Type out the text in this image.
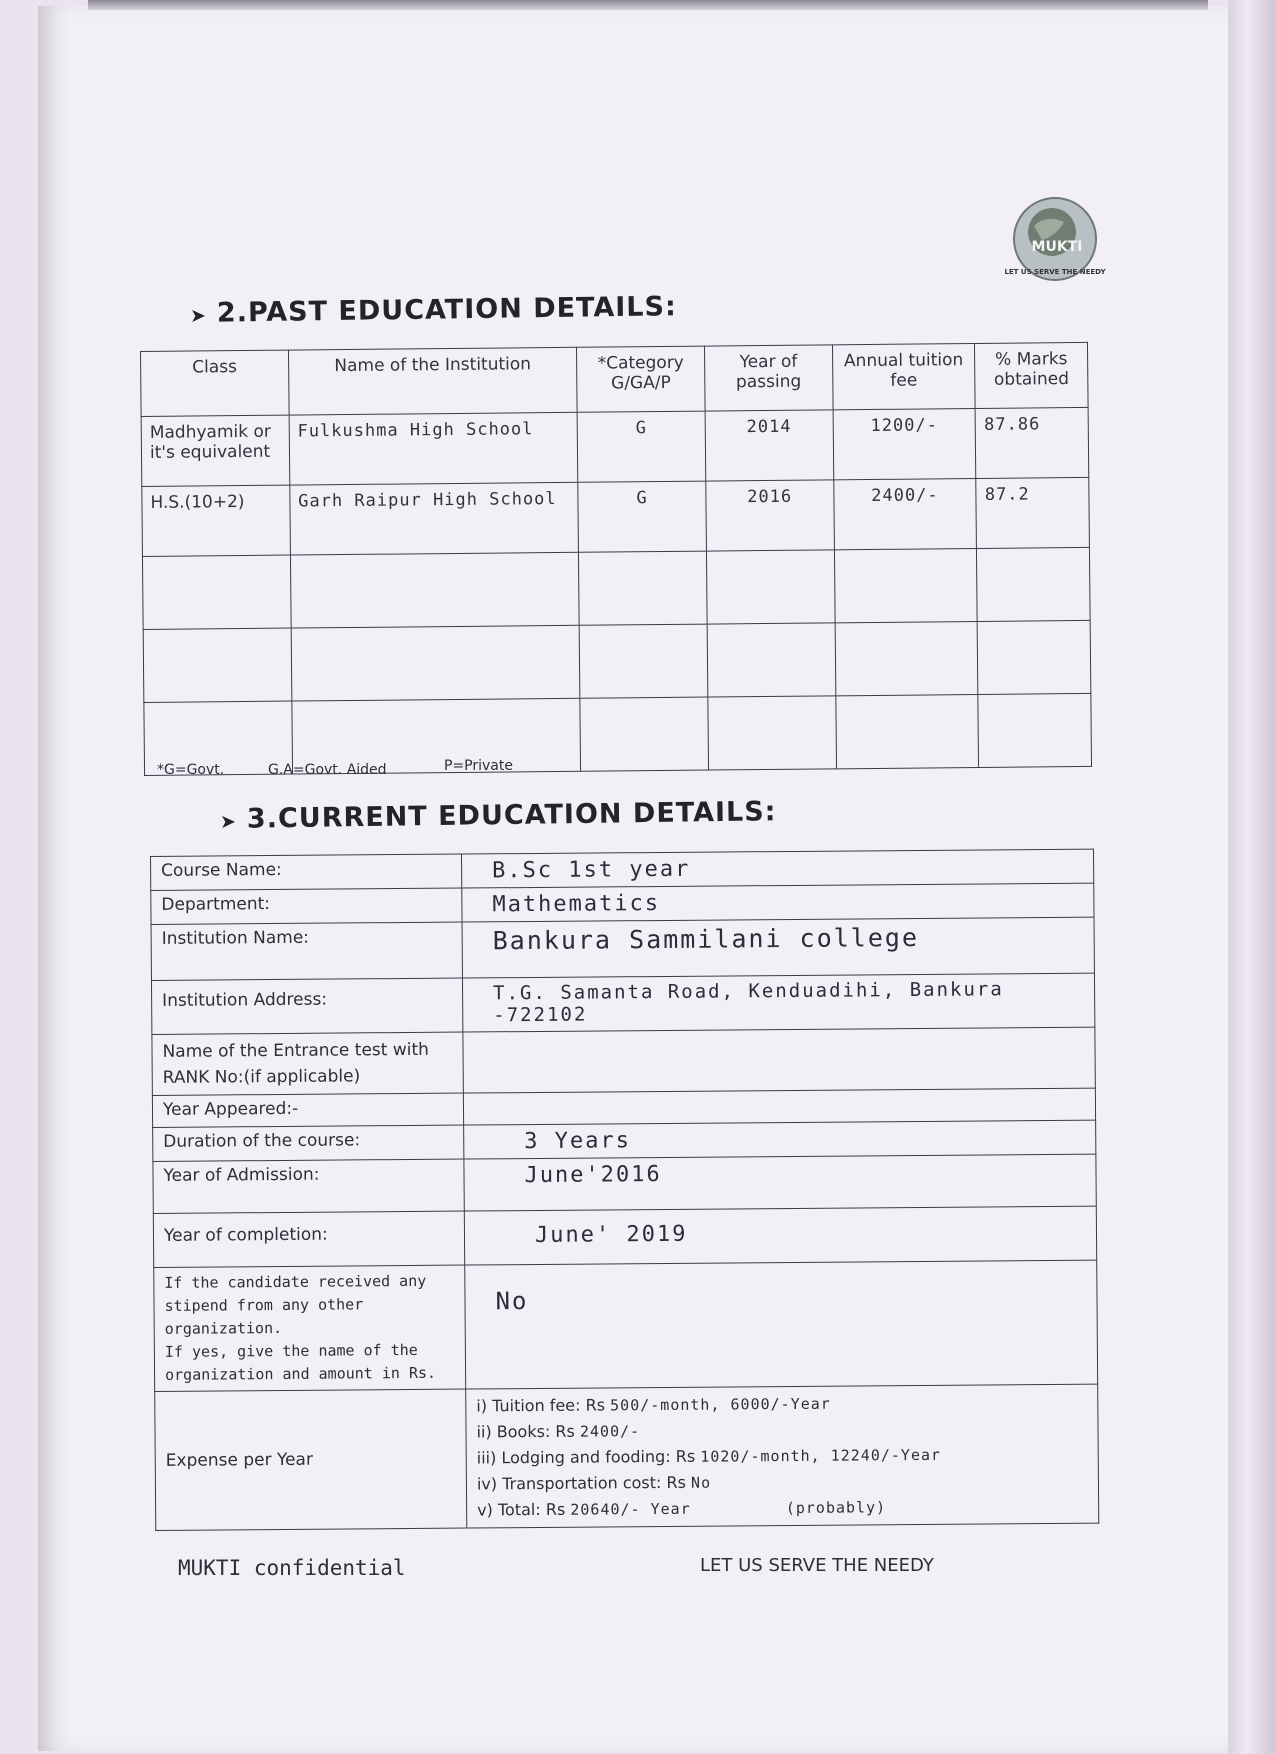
MUKTI
LET US SERVE THE NEEDY
➤ 2.PAST EDUCATION DETAILS:
Class	Name of the Institution	*Category G/GA/P	Year of passing	Annual tuition fee	% Marks obtained
Madhyamik or it's equivalent	Fulkushma High School	G	2014	1200/-	87.86
H.S.(10+2)	Garh Raipur High School	G	2016	2400/-	87.2

*G=Govt.	G.A=Govt. Aided	P=Private
➤ 3.CURRENT EDUCATION DETAILS:
Course Name:	B.Sc 1st year
Department:	Mathematics
Institution Name:	Bankura Sammilani college
Institution Address:	T.G. Samanta Road, Kenduadihi, Bankura -722102
Name of the Entrance test with RANK No:(if applicable)	
Year Appeared:-	
Duration of the course:	3 Years
Year of Admission:	June'2016
Year of completion:	June' 2019

If the candidate received any stipend from any other organization.
If yes, give the name of the organization and amount in Rs.	No
Expense per Year	i) Tuition fee: Rs 500/-month, 6000/-Year
ii) Books: Rs 2400/-
iii) Lodging and fooding: Rs 1020/-month, 12240/-Year
iv) Transportation cost: Rs No
v) Total: Rs 20640/- Year (probably)
MUKTI confidential	LET US SERVE THE NEEDY
